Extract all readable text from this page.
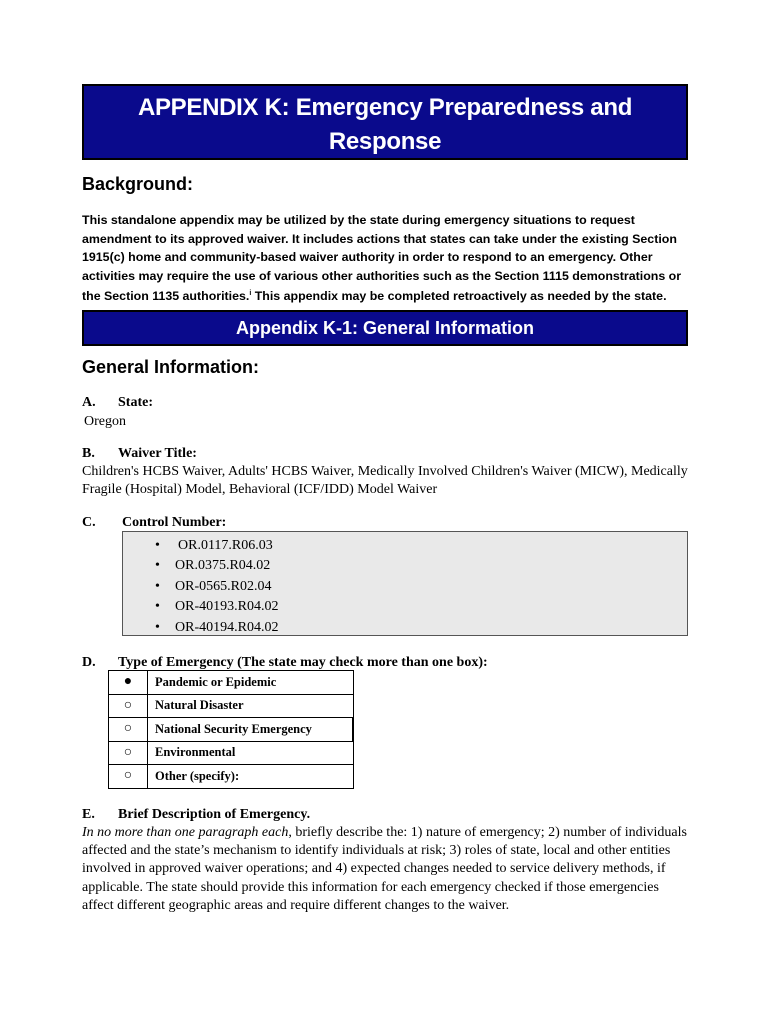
APPENDIX K: Emergency Preparedness and
Response
Background:
This standalone appendix may be utilized by the state during emergency situations to request amendment to its approved waiver. It includes actions that states can take under the existing Section 1915(c) home and community-based waiver authority in order to respond to an emergency. Other activities may require the use of various other authorities such as the Section 1115 demonstrations or the Section 1135 authorities.$^i$ This appendix may be completed retroactively as needed by the state.
Appendix K-1: General Information
General Information:
A. State:
Oregon
B. Waiver Title:
Children's HCBS Waiver, Adults' HCBS Waiver, Medically Involved Children's Waiver (MICW), Medically Fragile (Hospital) Model, Behavioral (ICF/IDD) Model Waiver
C. Control Number:
• OR.0117.R06.03
• OR.0375.R04.02
• OR-0565.R02.04
• OR-40193.R04.02
• OR-40194.R04.02
D. Type of Emergency (The state may check more than one box):
●	Pandemic or Epidemic
○	Natural Disaster
○	National Security Emergency
○	Environmental
○	Other (specify):
E. Brief Description of Emergency.
In no more than one paragraph each, briefly describe the: 1) nature of emergency; 2) number of individuals affected and the state’s mechanism to identify individuals at risk; 3) roles of state, local and other entities involved in approved waiver operations; and 4) expected changes needed to service delivery methods, if applicable. The state should provide this information for each emergency checked if those emergencies affect different geographic areas and require different changes to the waiver.
